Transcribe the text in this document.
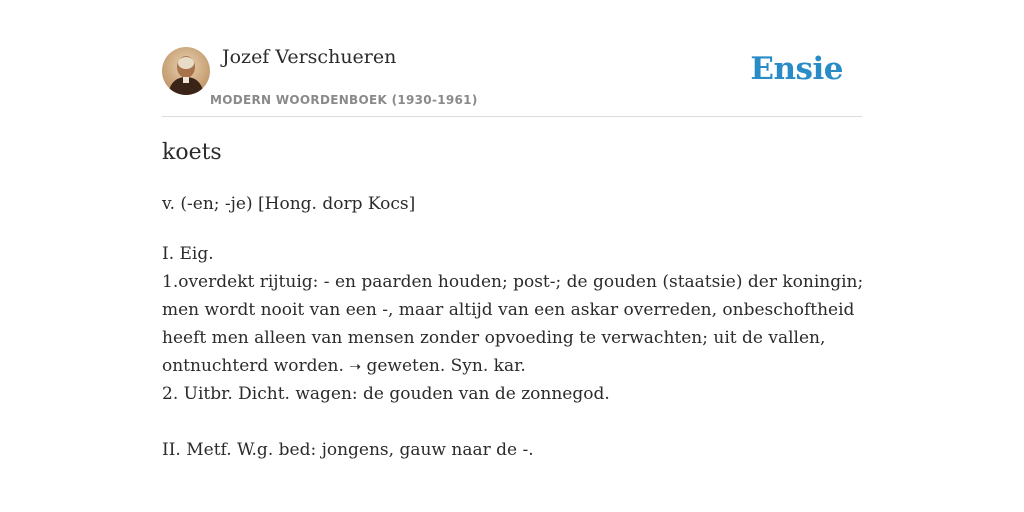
Jozef Verschueren
MODERN WOORDENBOEK (1930-1961)
Ensie
koets
v. (-en; -je) [Hong. dorp Kocs]
I. Eig.
1.overdekt rijtuig: - en paarden houden; post-; de gouden (staatsie) der koningin;
men wordt nooit van een -, maar altijd van een askar overreden, onbeschoftheid
heeft men alleen van mensen zonder opvoeding te verwachten; uit de vallen,
ontnuchterd worden. ➝ geweten. Syn. kar.
2. Uitbr. Dicht. wagen: de gouden van de zonnegod.
II. Metf. W.g. bed: jongens, gauw naar de -.
